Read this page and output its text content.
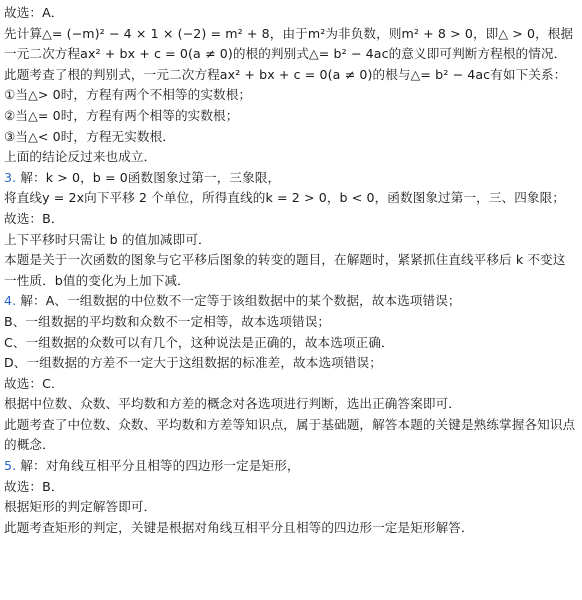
故选：A．
先计算△= (−m)² − 4 × 1 × (−2) = m² + 8，由于m²为非负数，则m² + 8 > 0，即△ > 0，根据一元二次方程ax² + bx + c = 0(a ≠ 0)的根的判别式△= b² − 4ac的意义即可判断方程根的情况．
此题考查了根的判别式，一元二次方程ax² + bx + c = 0(a ≠ 0)的根与△= b² − 4ac有如下关系：
①当△> 0时，方程有两个不相等的实数根；
②当△= 0时，方程有两个相等的实数根；
③当△< 0时，方程无实数根．
上面的结论反过来也成立．
3. 解：k > 0，b = 0函数图象过第一，三象限，
将直线y = 2x向下平移 2 个单位，所得直线的k = 2 > 0，b < 0，函数图象过第一，三、四象限；
故选：B．
上下平移时只需让 b 的值加减即可．
本题是关于一次函数的图象与它平移后图象的转变的题目，在解题时，紧紧抓住直线平移后 k 不变这一性质．b值的变化为上加下减．
4. 解：A、一组数据的中位数不一定等于该组数据中的某个数据，故本选项错误；
B、一组数据的平均数和众数不一定相等，故本选项错误；
C、一组数据的众数可以有几个，这种说法是正确的，故本选项正确．
D、一组数据的方差不一定大于这组数据的标准差，故本选项错误；
故选：C．
根据中位数、众数、平均数和方差的概念对各选项进行判断，选出正确答案即可．
此题考查了中位数、众数、平均数和方差等知识点，属于基础题，解答本题的关键是熟练掌握各知识点的概念．
5. 解：对角线互相平分且相等的四边形一定是矩形，
故选：B．
根据矩形的判定解答即可．
此题考查矩形的判定，关键是根据对角线互相平分且相等的四边形一定是矩形解答．
